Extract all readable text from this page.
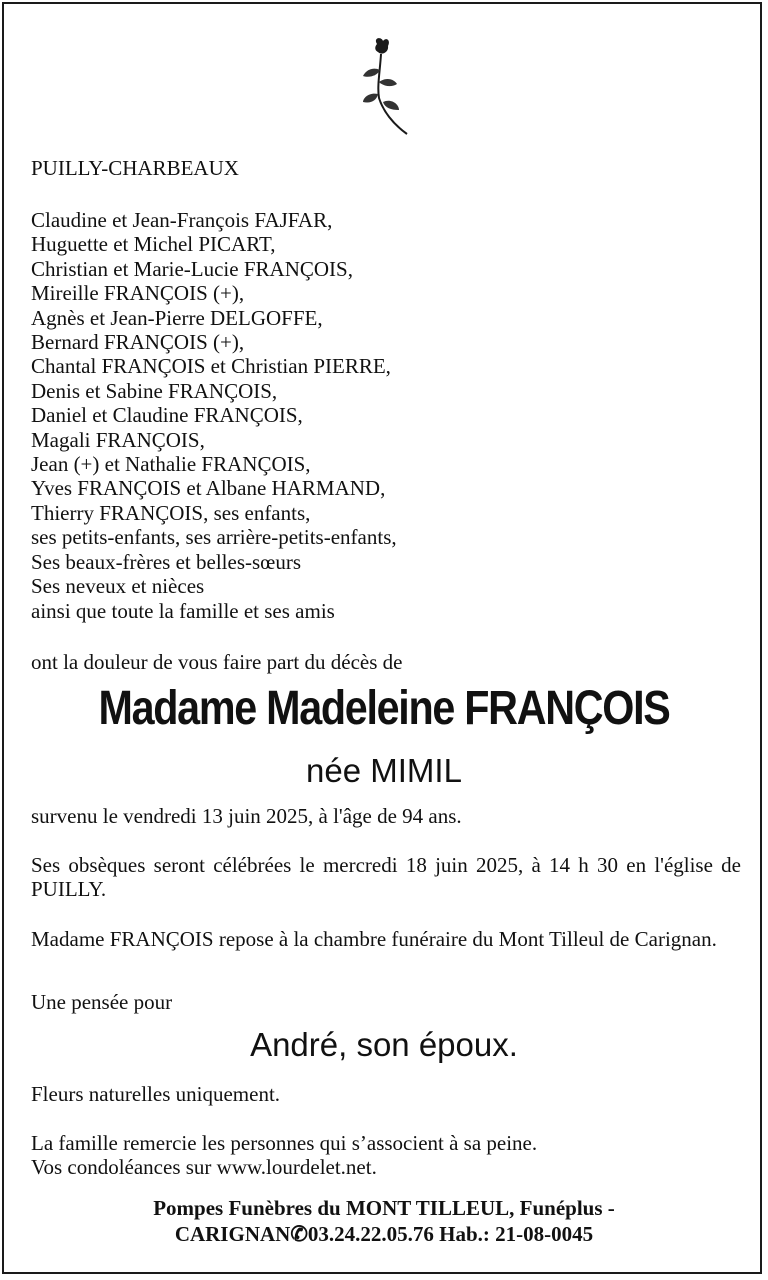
PUILLY-CHARBEAUX
Claudine et Jean-François FAJFAR,
Huguette et Michel PICART,
Christian et Marie-Lucie FRANÇOIS,
Mireille FRANÇOIS (+),
Agnès et Jean-Pierre DELGOFFE,
Bernard FRANÇOIS (+),
Chantal FRANÇOIS et Christian PIERRE,
Denis et Sabine FRANÇOIS,
Daniel et Claudine FRANÇOIS,
Magali FRANÇOIS,
Jean (+) et Nathalie FRANÇOIS,
Yves FRANÇOIS et Albane HARMAND,
Thierry FRANÇOIS, ses enfants,
ses petits-enfants, ses arrière-petits-enfants,
Ses beaux-frères et belles-sœurs
Ses neveux et nièces
ainsi que toute la famille et ses amis

ont la douleur de vous faire part du décès de

Madame Madeleine FRANÇOIS
née MIMIL

survenu le vendredi 13 juin 2025, à l'âge de 94 ans.

Ses obsèques seront célébrées le mercredi 18 juin 2025, à 14 h 30 en l'église de PUILLY.

Madame FRANÇOIS repose à la chambre funéraire du Mont Tilleul de Carignan.

Une pensée pour

André, son époux.

Fleurs naturelles uniquement.

La famille remercie les personnes qui s’associent à sa peine.
Vos condoléances sur www.lourdelet.net.
Pompes Funèbres du MONT TILLEUL, Funéplus -
CARIGNAN✆03.24.22.05.76 Hab.: 21-08-0045
